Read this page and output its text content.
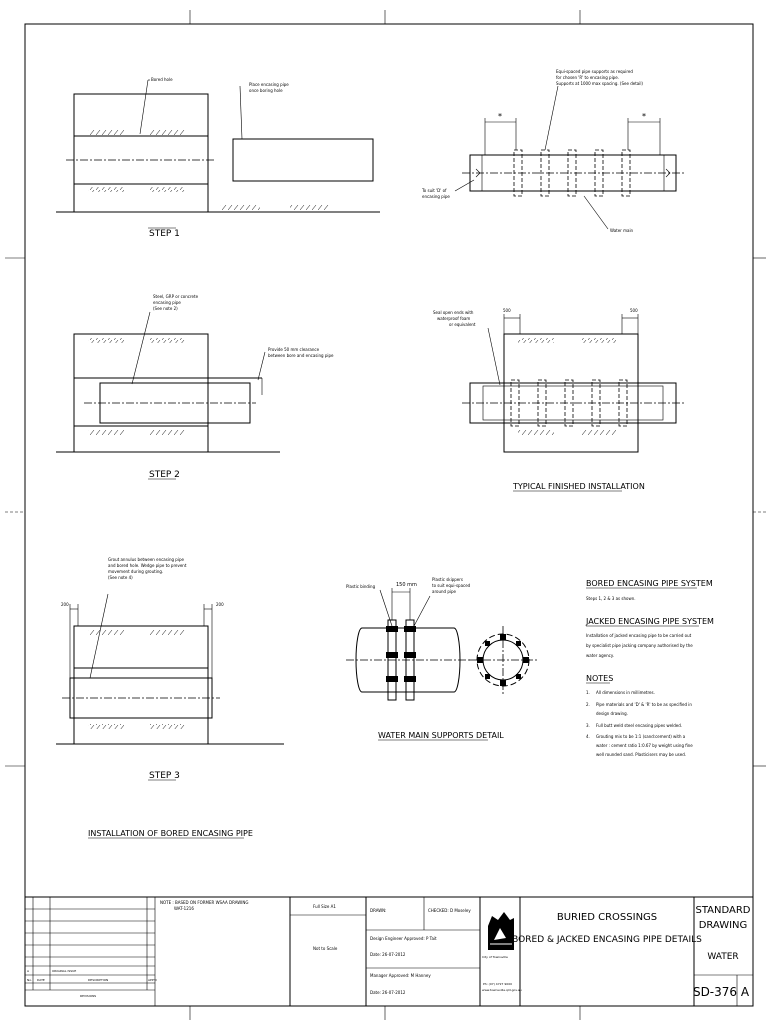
Bored hole
Place encasing pipe
once boring hole
STEP 1
Equi-spaced pipe supports as required
for chosen 'R' to encasing pipe.
Supports at 1000 max spacing. (See detail)
*	*
To suit 'D' of
encasing pipe
Water main
Steel, GRP or concrete
encasing pipe
(See note 2)
Provide 50 mm clearance
between bore and encasing pipe
STEP 2
Seal open ends with
waterproof foam
or equivalent
500	500
TYPICAL FINISHED INSTALLATION
Grout annulus between encasing pipe
and bored hole. Wedge pipe to prevent
movement during grouting.
(See note 4)
200	200
STEP 3
INSTALLATION OF BORED ENCASING PIPE
Plastic binding	150 mm
Plastic skippers
to suit equi-spaced
around pipe
WATER MAIN SUPPORTS DETAIL
BORED ENCASING PIPE SYSTEM
Steps 1, 2 & 3 as shown.
JACKED ENCASING PIPE SYSTEM
Installation of jacked encasing pipe to be carried out
by specialist pipe jacking company authorised by the
water agency.
NOTES
1. All dimensions in millimetres.
2. Pipe materials and 'D' & 'R' to be as specified in
design drawing.
3. Full butt weld steel encasing pipes welded.
4. Grouting mix to be 1:1 (sand:cement) with a
water : cement ratio 1:0.67 by weight using fine
well rounded sand. Plasticisers may be used.
A	ORIGINAL ISSUE
No. DATE	DESCRIPTION	APP'D
REVISIONS
NOTE : BASED ON FORMER WSAA DRAWING
WAT-1216	Full Size A1
Not to Scale
DRAWN:	CHECKED: D Moseley
Design Engineer Approved: P Tait
Date: 26-07-2012
Manager Approved: M Hanney
Date: 26-07-2012
City of Townsville
Ph: (07) 4727 9000
www.townsville.qld.gov.au
BURIED CROSSINGS
BORED & JACKED ENCASING PIPE DETAILS
STANDARD
DRAWING
WATER
SD-376 A
